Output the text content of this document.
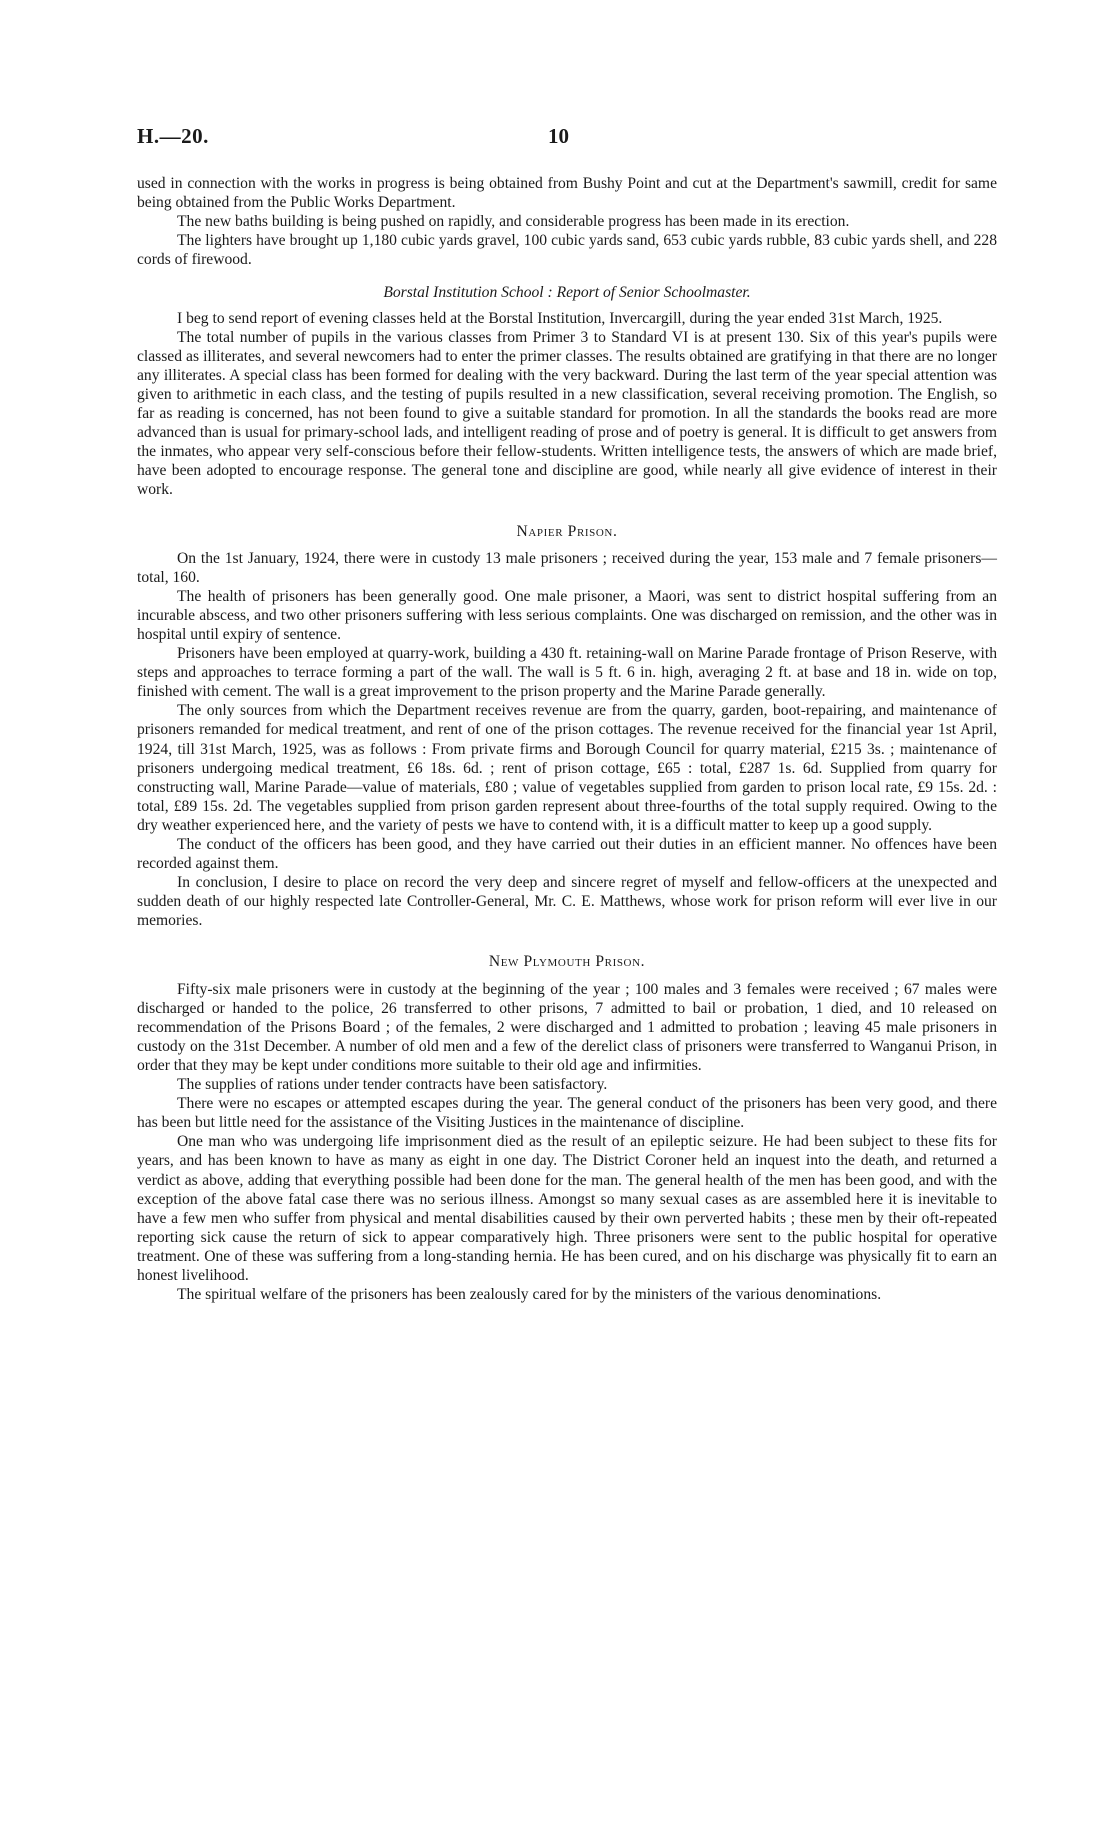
H.—20.	10

used in connection with the works in progress is being obtained from Bushy Point and cut at the Department's sawmill, credit for same being obtained from the Public Works Department.

The new baths building is being pushed on rapidly, and considerable progress has been made in its erection.

The lighters have brought up 1,180 cubic yards gravel, 100 cubic yards sand, 653 cubic yards rubble, 83 cubic yards shell, and 228 cords of firewood.

Borstal Institution School : Report of Senior Schoolmaster.

I beg to send report of evening classes held at the Borstal Institution, Invercargill, during the year ended 31st March, 1925.

The total number of pupils in the various classes from Primer 3 to Standard VI is at present 130. Six of this year's pupils were classed as illiterates, and several newcomers had to enter the primer classes. The results obtained are gratifying in that there are no longer any illiterates. A special class has been formed for dealing with the very backward. During the last term of the year special attention was given to arithmetic in each class, and the testing of pupils resulted in a new classification, several receiving promotion. The English, so far as reading is concerned, has not been found to give a suitable standard for promotion. In all the standards the books read are more advanced than is usual for primary-school lads, and intelligent reading of prose and of poetry is general. It is difficult to get answers from the inmates, who appear very self-conscious before their fellow-students. Written intelligence tests, the answers of which are made brief, have been adopted to encourage response. The general tone and discipline are good, while nearly all give evidence of interest in their work.

Napier Prison.

On the 1st January, 1924, there were in custody 13 male prisoners ; received during the year, 153 male and 7 female prisoners—total, 160.

The health of prisoners has been generally good. One male prisoner, a Maori, was sent to district hospital suffering from an incurable abscess, and two other prisoners suffering with less serious complaints. One was discharged on remission, and the other was in hospital until expiry of sentence.

Prisoners have been employed at quarry-work, building a 430 ft. retaining-wall on Marine Parade frontage of Prison Reserve, with steps and approaches to terrace forming a part of the wall. The wall is 5 ft. 6 in. high, averaging 2 ft. at base and 18 in. wide on top, finished with cement. The wall is a great improvement to the prison property and the Marine Parade generally.

The only sources from which the Department receives revenue are from the quarry, garden, boot-repairing, and maintenance of prisoners remanded for medical treatment, and rent of one of the prison cottages. The revenue received for the financial year 1st April, 1924, till 31st March, 1925, was as follows : From private firms and Borough Council for quarry material, £215 3s. ; maintenance of prisoners undergoing medical treatment, £6 18s. 6d. ; rent of prison cottage, £65 : total, £287 1s. 6d. Supplied from quarry for constructing wall, Marine Parade—value of materials, £80 ; value of vegetables supplied from garden to prison local rate, £9 15s. 2d. : total, £89 15s. 2d. The vegetables supplied from prison garden represent about three-fourths of the total supply required. Owing to the dry weather experienced here, and the variety of pests we have to contend with, it is a difficult matter to keep up a good supply.

The conduct of the officers has been good, and they have carried out their duties in an efficient manner. No offences have been recorded against them.

In conclusion, I desire to place on record the very deep and sincere regret of myself and fellow-officers at the unexpected and sudden death of our highly respected late Controller-General, Mr. C. E. Matthews, whose work for prison reform will ever live in our memories.

New Plymouth Prison.

Fifty-six male prisoners were in custody at the beginning of the year ; 100 males and 3 females were received ; 67 males were discharged or handed to the police, 26 transferred to other prisons, 7 admitted to bail or probation, 1 died, and 10 released on recommendation of the Prisons Board ; of the females, 2 were discharged and 1 admitted to probation ; leaving 45 male prisoners in custody on the 31st December. A number of old men and a few of the derelict class of prisoners were transferred to Wanganui Prison, in order that they may be kept under conditions more suitable to their old age and infirmities.

The supplies of rations under tender contracts have been satisfactory.

There were no escapes or attempted escapes during the year. The general conduct of the prisoners has been very good, and there has been but little need for the assistance of the Visiting Justices in the maintenance of discipline.

One man who was undergoing life imprisonment died as the result of an epileptic seizure. He had been subject to these fits for years, and has been known to have as many as eight in one day. The District Coroner held an inquest into the death, and returned a verdict as above, adding that everything possible had been done for the man. The general health of the men has been good, and with the exception of the above fatal case there was no serious illness. Amongst so many sexual cases as are assembled here it is inevitable to have a few men who suffer from physical and mental disabilities caused by their own perverted habits ; these men by their oft-repeated reporting sick cause the return of sick to appear comparatively high. Three prisoners were sent to the public hospital for operative treatment. One of these was suffering from a long-standing hernia. He has been cured, and on his discharge was physically fit to earn an honest livelihood.

The spiritual welfare of the prisoners has been zealously cared for by the ministers of the various denominations.
